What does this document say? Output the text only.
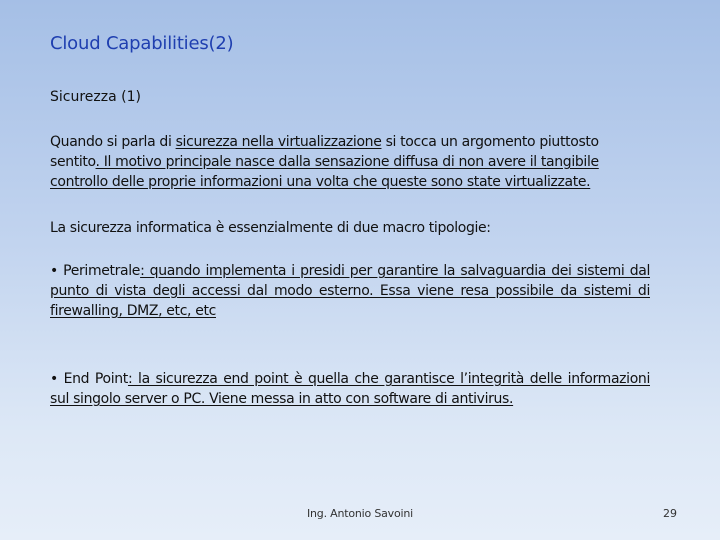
Cloud Capabilities(2)
Sicurezza (1)
Quando si parla di sicurezza nella virtualizzazione si tocca un argomento piuttosto sentito. Il motivo principale nasce dalla sensazione diffusa di non avere il tangibile controllo delle proprie informazioni una volta che queste sono state virtualizzate.
La sicurezza informatica è essenzialmente di due macro tipologie:
• Perimetrale: quando implementa i presidi per garantire la salvaguardia dei sistemi dal punto di vista degli accessi dal modo esterno. Essa viene resa possibile da sistemi di firewalling, DMZ, etc, etc
• End Point: la sicurezza end point è quella che garantisce l’integrità delle informazioni sul singolo server o PC. Viene messa in atto con software di antivirus.
Ing. Antonio Savoini	29
